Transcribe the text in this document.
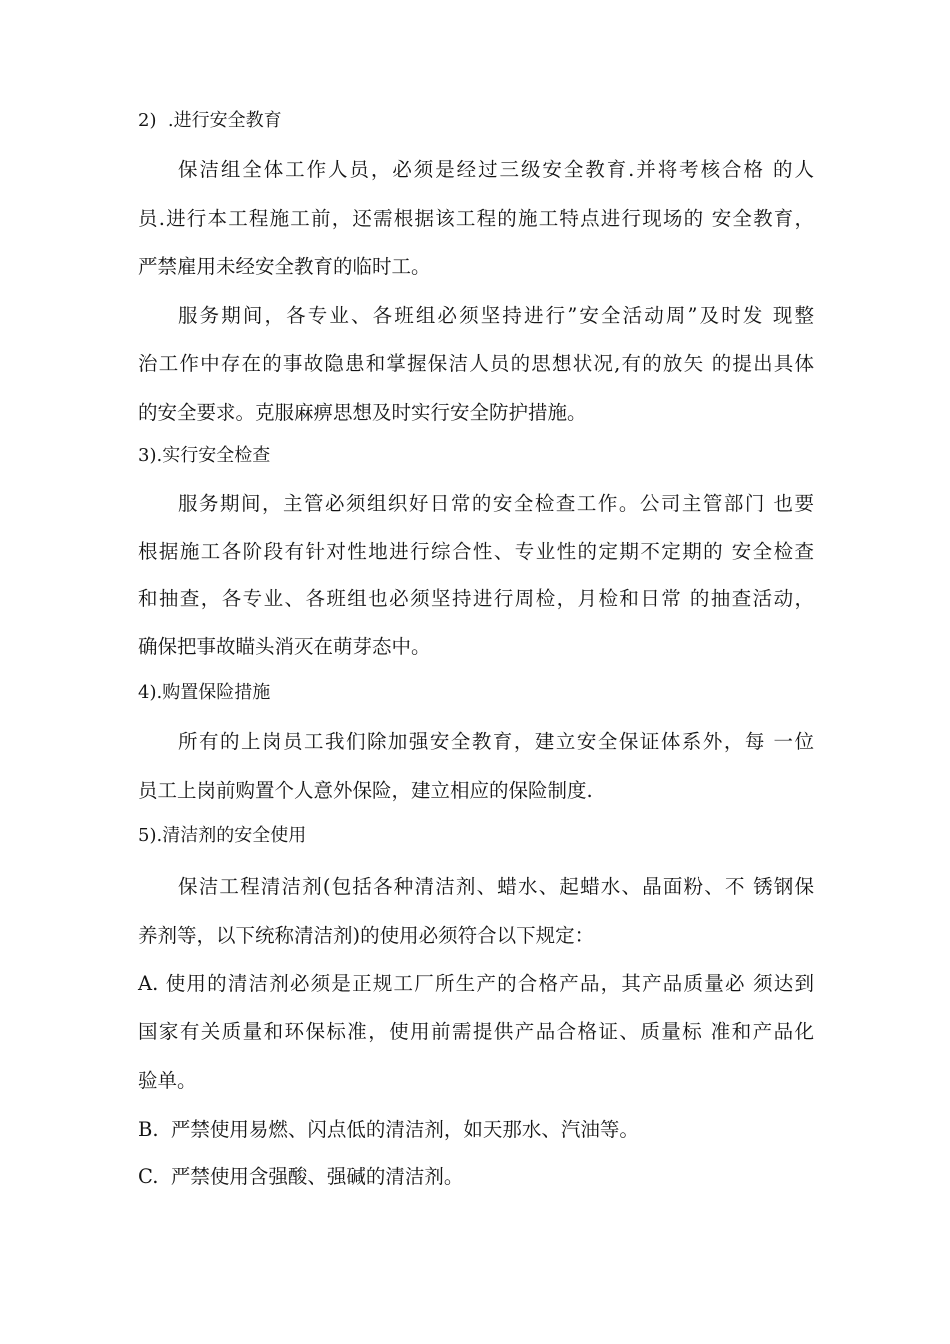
2)  .进行安全教育
保洁组全体工作人员，必须是经过三级安全教育.并将考核合格 的人
员.进行本工程施工前，还需根据该工程的施工特点进行现场的 安全教育，
严禁雇用未经安全教育的临时工。
服务期间，各专业、各班组必须坚持进行”安全活动周”及时发 现整
治工作中存在的事故隐患和掌握保洁人员的思想状况,有的放矢 的提出具体
的安全要求。克服麻痹思想及时实行安全防护措施。
3).实行安全检查
服务期间，主管必须组织好日常的安全检查工作。公司主管部门 也要
根据施工各阶段有针对性地进行综合性、专业性的定期不定期的 安全检查
和抽查，各专业、各班组也必须坚持进行周检，月检和日常 的抽查活动，
确保把事故瞄头消灭在萌芽态中。
4).购置保险措施
所有的上岗员工我们除加强安全教育，建立安全保证体系外，每 一位
员工上岗前购置个人意外保险，建立相应的保险制度.
5).清洁剂的安全使用
保洁工程清洁剂(包括各种清洁剂、蜡水、起蜡水、晶面粉、不 锈钢保
养剂等，以下统称清洁剂)的使用必须符合以下规定：
A. 使用的清洁剂必须是正规工厂所生产的合格产品，其产品质量必 须达到
国家有关质量和环保标准，使用前需提供产品合格证、质量标 准和产品化
验单。
B.  严禁使用易燃、闪点低的清洁剂，如天那水、汽油等。
C.  严禁使用含强酸、强碱的清洁剂。
